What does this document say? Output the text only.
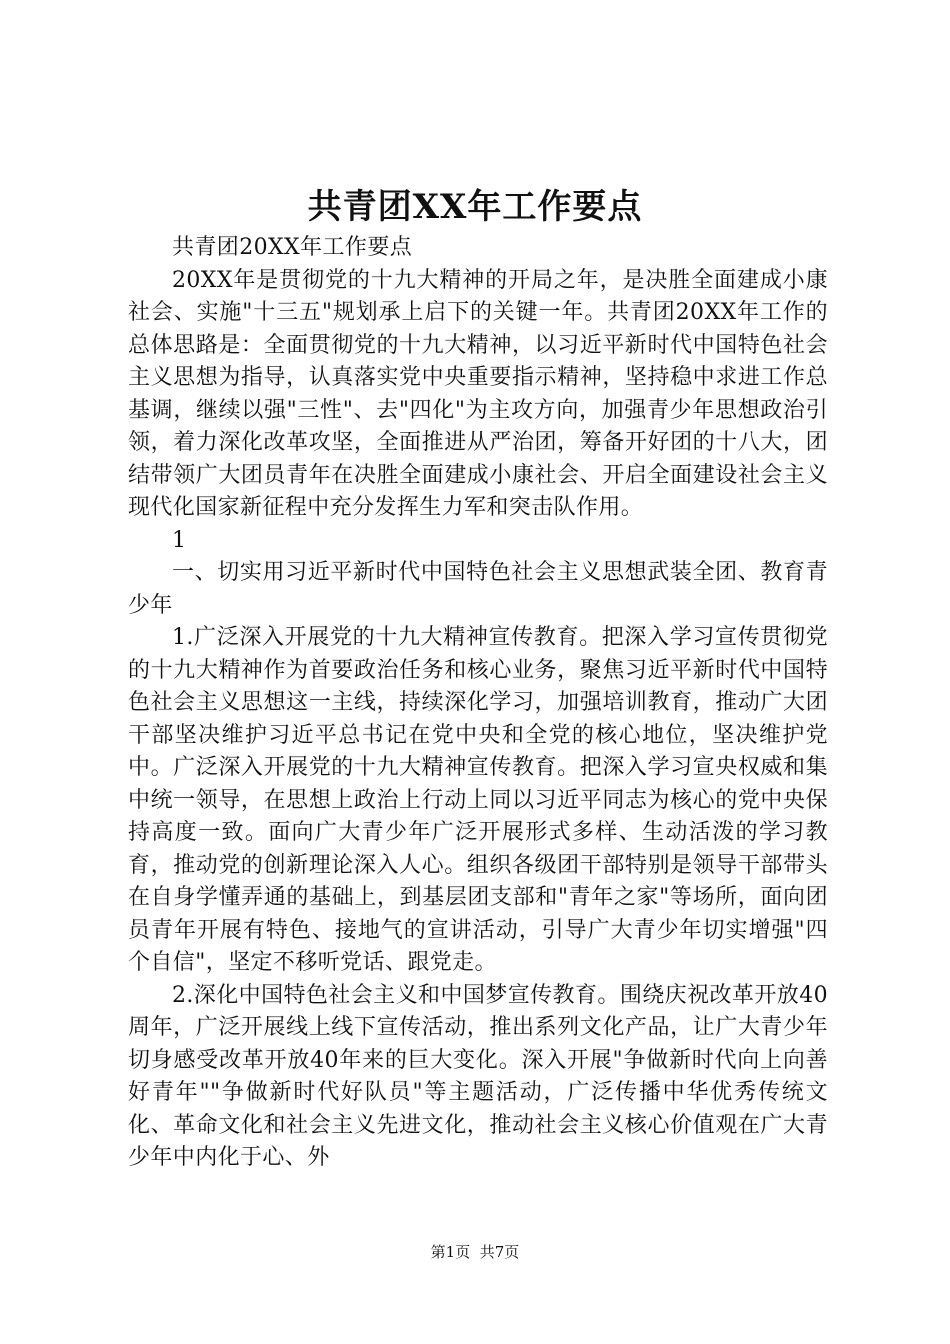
共青团XX年工作要点

共青团20XX年工作要点

20XX年是贯彻党的十九大精神的开局之年，是决胜全面建成小康社会、实施"十三五"规划承上启下的关键一年。共青团20XX年工作的总体思路是：全面贯彻党的十九大精神，以习近平新时代中国特色社会主义思想为指导，认真落实党中央重要指示精神，坚持稳中求进工作总基调，继续以强"三性"、去"四化"为主攻方向，加强青少年思想政治引领，着力深化改革攻坚，全面推进从严治团，筹备开好团的十八大，团结带领广大团员青年在决胜全面建成小康社会、开启全面建设社会主义现代化国家新征程中充分发挥生力军和突击队作用。

1

一、切实用习近平新时代中国特色社会主义思想武装全团、教育青少年

1.广泛深入开展党的十九大精神宣传教育。把深入学习宣传贯彻党的十九大精神作为首要政治任务和核心业务，聚焦习近平新时代中国特色社会主义思想这一主线，持续深化学习，加强培训教育，推动广大团干部坚决维护习近平总书记在党中央和全党的核心地位，坚决维护党中。广泛深入开展党的十九大精神宣传教育。把深入学习宣央权威和集中统一领导，在思想上政治上行动上同以习近平同志为核心的党中央保持高度一致。面向广大青少年广泛开展形式多样、生动活泼的学习教育，推动党的创新理论深入人心。组织各级团干部特别是领导干部带头在自身学懂弄通的基础上，到基层团支部和"青年之家"等场所，面向团员青年开展有特色、接地气的宣讲活动，引导广大青少年切实增强"四个自信"，坚定不移听党话、跟党走。

2.深化中国特色社会主义和中国梦宣传教育。围绕庆祝改革开放40周年，广泛开展线上线下宣传活动，推出系列文化产品，让广大青少年切身感受改革开放40年来的巨大变化。深入开展"争做新时代向上向善好青年""争做新时代好队员"等主题活动，广泛传播中华优秀传统文化、革命文化和社会主义先进文化，推动社会主义核心价值观在广大青少年中内化于心、外

第1页 共7页
